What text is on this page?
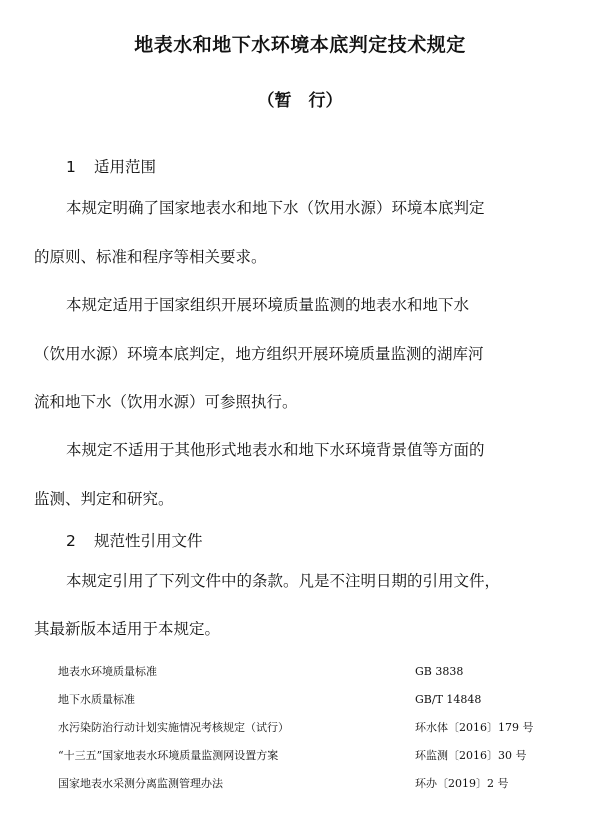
地表水和地下水环境本底判定技术规定
（暂　行）
1 适用范围
本规定明确了国家地表水和地下水（饮用水源）环境本底判定
的原则、标准和程序等相关要求。
本规定适用于国家组织开展环境质量监测的地表水和地下水
（饮用水源）环境本底判定，地方组织开展环境质量监测的湖库河
流和地下水（饮用水源）可参照执行。
本规定不适用于其他形式地表水和地下水环境背景值等方面的
监测、判定和研究。
2 规范性引用文件
本规定引用了下列文件中的条款。凡是不注明日期的引用文件，
其最新版本适用于本规定。
地表水环境质量标准	GB 3838
地下水质量标准	GB/T 14848
水污染防治行动计划实施情况考核规定（试行）	环水体〔2016〕179 号
“十三五”国家地表水环境质量监测网设置方案	环监测〔2016〕30 号
国家地表水采测分离监测管理办法	环办〔2019〕2 号
